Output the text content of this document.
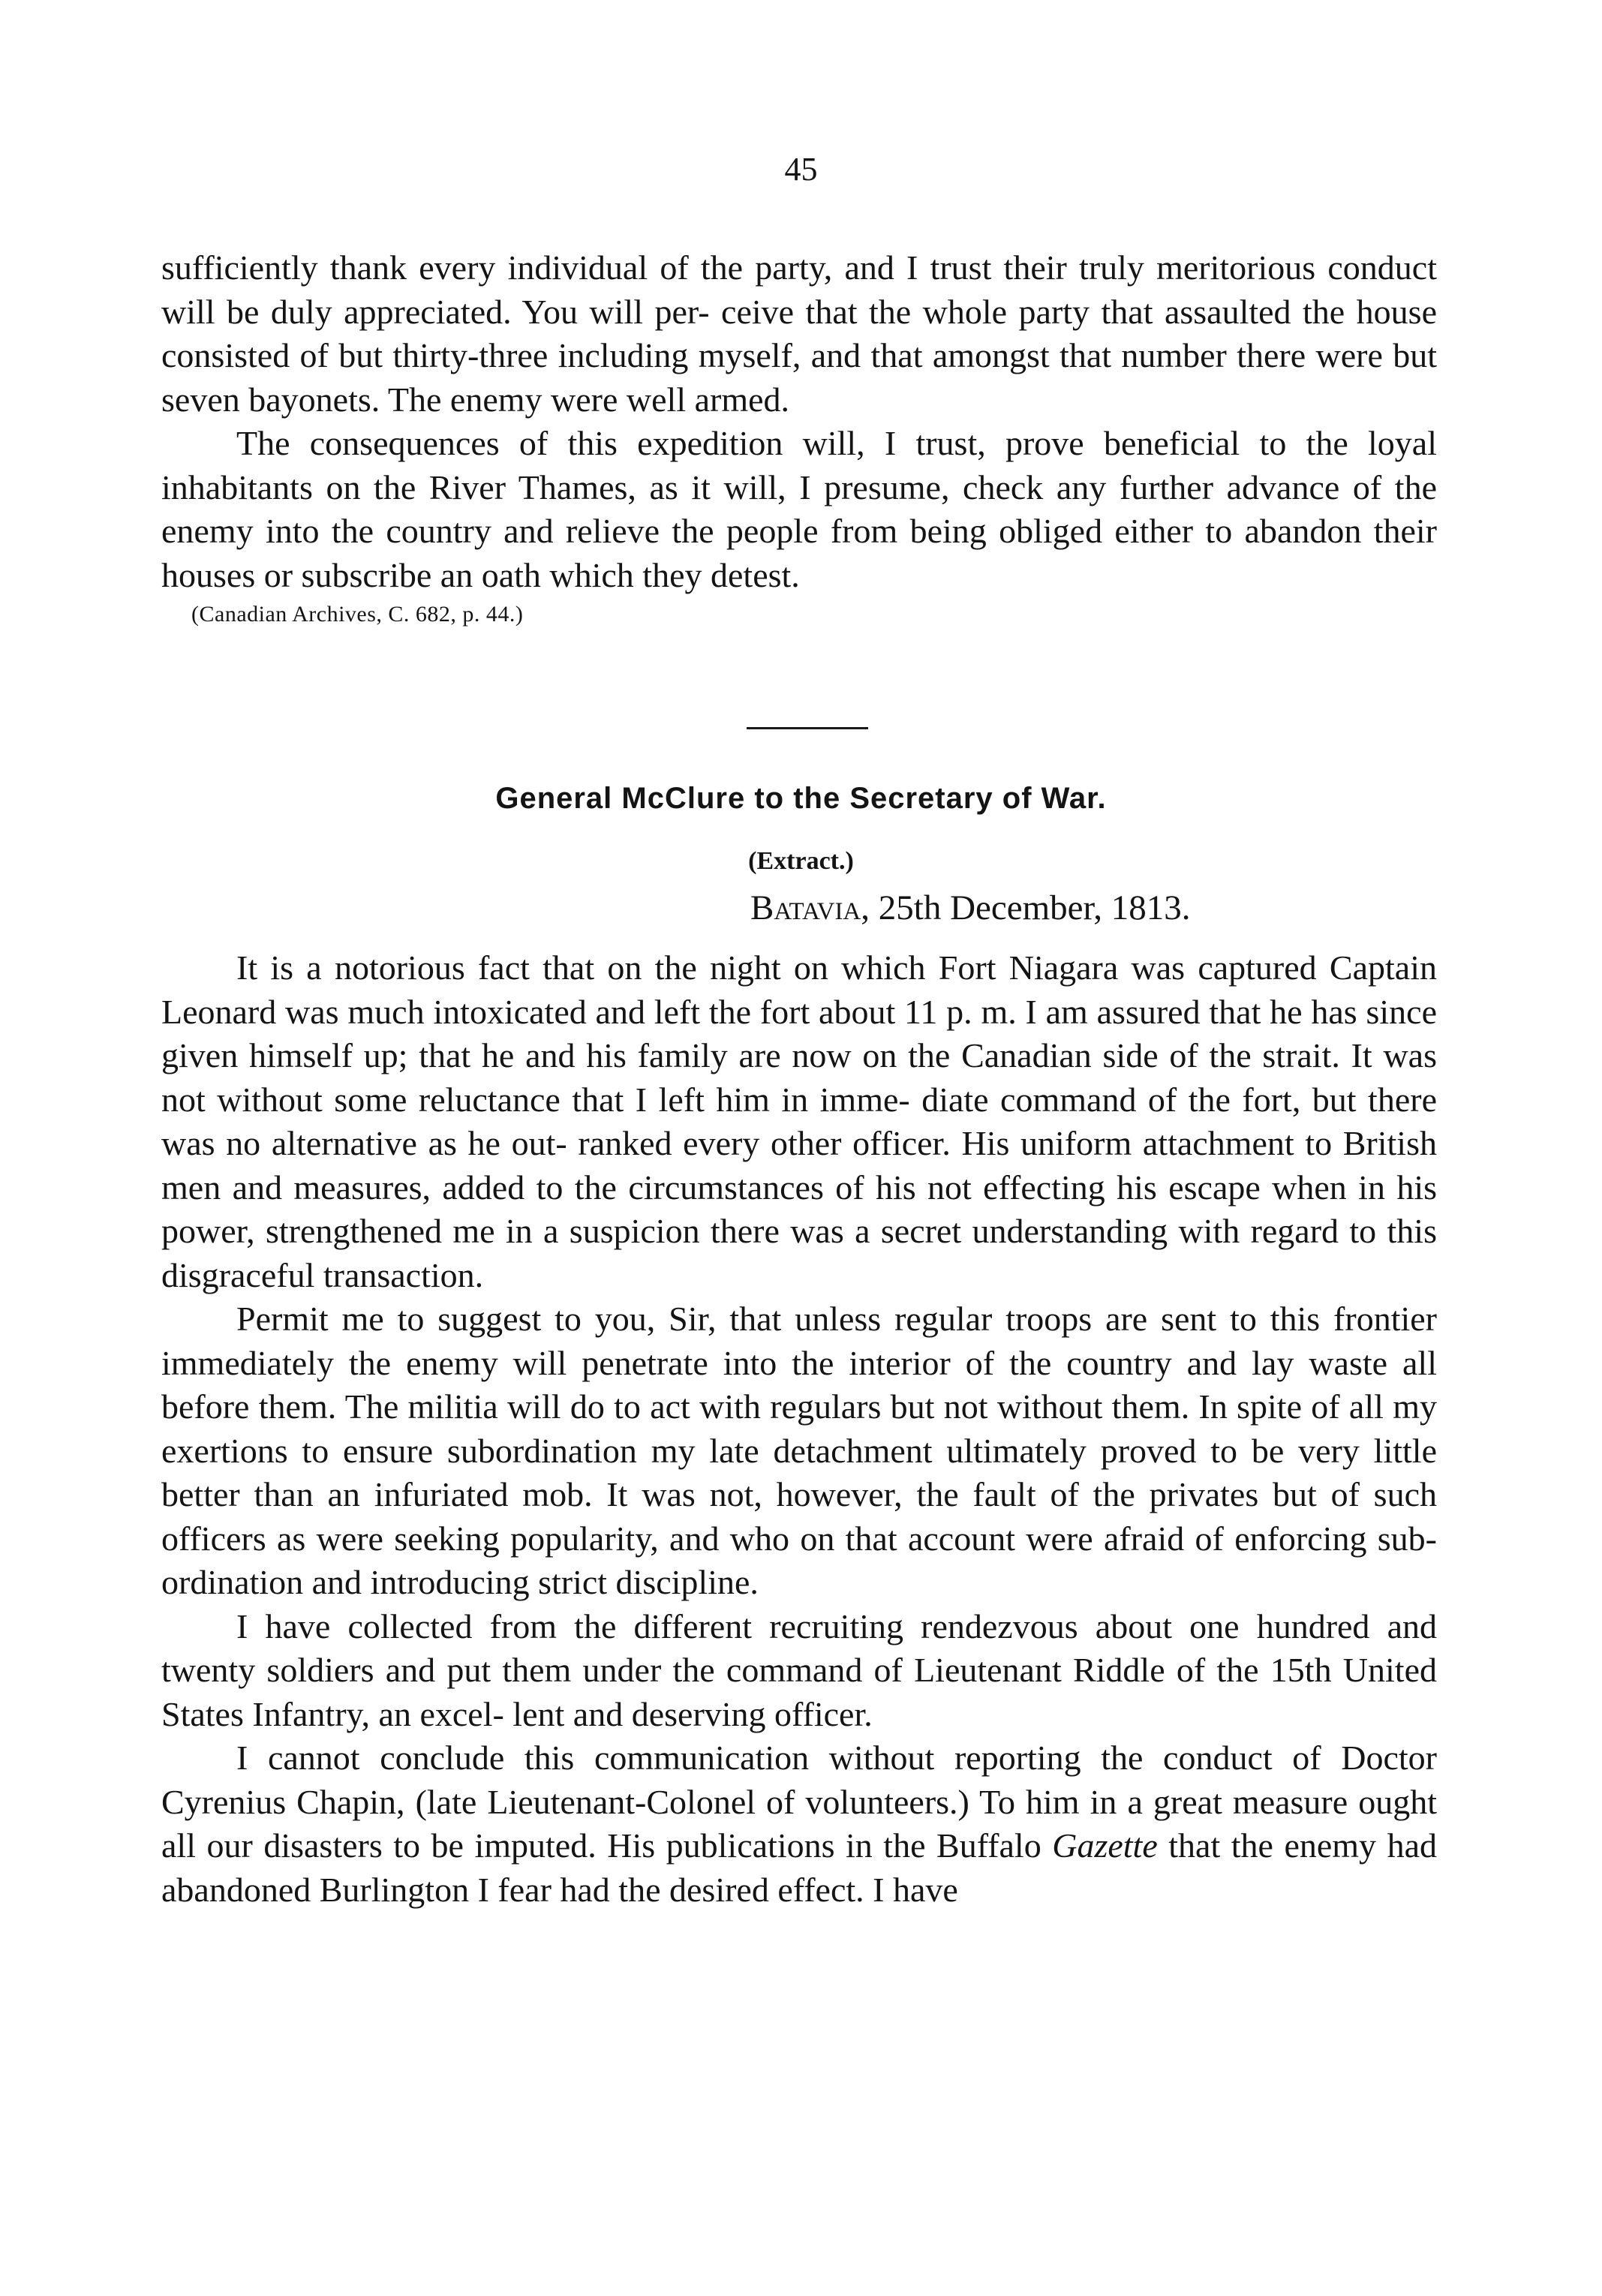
45

sufficiently thank every individual of the party, and I trust their truly meritorious conduct will be duly appreciated. You will per- ceive that the whole party that assaulted the house consisted of but thirty-three including myself, and that amongst that number there were but seven bayonets. The enemy were well armed.

The consequences of this expedition will, I trust, prove beneficial to the loyal inhabitants on the River Thames, as it will, I presume, check any further advance of the enemy into the country and relieve the people from being obliged either to abandon their houses or subscribe an oath which they detest.

(Canadian Archives, C. 682, p. 44.)

General McClure to the Secretary of War.
(Extract.)
Batavia, 25th December, 1813.

It is a notorious fact that on the night on which Fort Niagara was captured Captain Leonard was much intoxicated and left the fort about 11 p. m. I am assured that he has since given himself up; that he and his family are now on the Canadian side of the strait. It was not without some reluctance that I left him in imme- diate command of the fort, but there was no alternative as he out- ranked every other officer. His uniform attachment to British men and measures, added to the circumstances of his not effecting his escape when in his power, strengthened me in a suspicion there was a secret understanding with regard to this disgraceful transaction.

Permit me to suggest to you, Sir, that unless regular troops are sent to this frontier immediately the enemy will penetrate into the interior of the country and lay waste all before them. The militia will do to act with regulars but not without them. In spite of all my exertions to ensure subordination my late detachment ultimately proved to be very little better than an infuriated mob. It was not, however, the fault of the privates but of such officers as were seeking popularity, and who on that account were afraid of enforcing sub- ordination and introducing strict discipline.

I have collected from the different recruiting rendezvous about one hundred and twenty soldiers and put them under the command of Lieutenant Riddle of the 15th United States Infantry, an excel- lent and deserving officer.

I cannot conclude this communication without reporting the conduct of Doctor Cyrenius Chapin, (late Lieutenant-Colonel of volunteers.) To him in a great measure ought all our disasters to be imputed. His publications in the Buffalo Gazette that the enemy had abandoned Burlington I fear had the desired effect. I have
